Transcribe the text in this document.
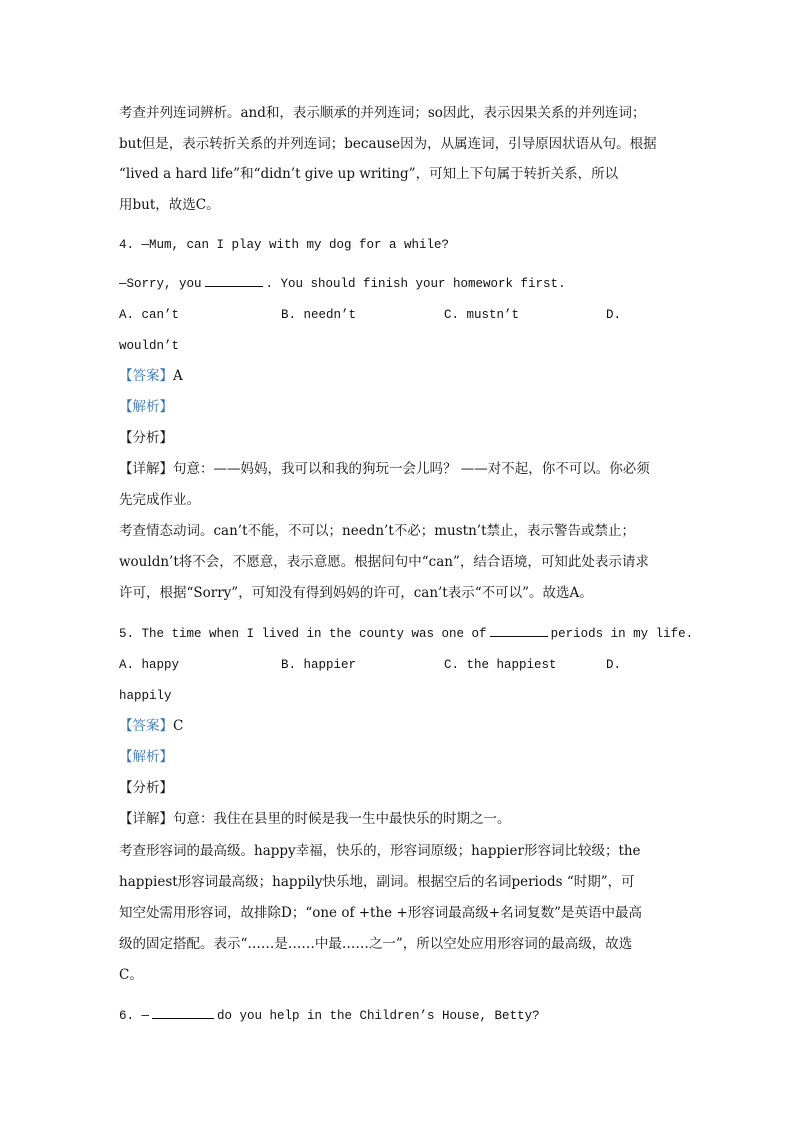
考查并列连词辨析。and和，表示顺承的并列连词；so因此，表示因果关系的并列连词；
but但是，表示转折关系的并列连词；because因为，从属连词，引导原因状语从句。根据
“lived a hard life”和“didn’t give up writing”，可知上下句属于转折关系，所以
用but，故选C。
4. —Mum, can I play with my dog for a while?
—Sorry, you	. You should finish your homework first.
A. can’t	B. needn’t	C. mustn’t	D.
wouldn’t
【答案】A
【解析】
【分析】
【详解】句意：——妈妈，我可以和我的狗玩一会儿吗？ ——对不起，你不可以。你必须
先完成作业。
考查情态动词。can’t不能，不可以；needn’t不必；mustn’t禁止，表示警告或禁止；
wouldn’t将不会，不愿意，表示意愿。根据问句中“can”，结合语境，可知此处表示请求
许可，根据“Sorry”，可知没有得到妈妈的许可，can’t表示“不可以”。故选A。
5. The time when I lived in the county was one of	periods in my life.
A. happy	B. happier	C. the happiest	D.
happily
【答案】C
【解析】
【分析】
【详解】句意：我住在县里的时候是我一生中最快乐的时期之一。
考查形容词的最高级。happy幸福，快乐的，形容词原级；happier形容词比较级；the
happiest形容词最高级；happily快乐地，副词。根据空后的名词periods “时期”，可
知空处需用形容词，故排除D；“one of +the +形容词最高级+名词复数”是英语中最高
级的固定搭配。表示“……是……中最……之一”，所以空处应用形容词的最高级，故选
C。
6. —	do you help in the Children’s House, Betty?
